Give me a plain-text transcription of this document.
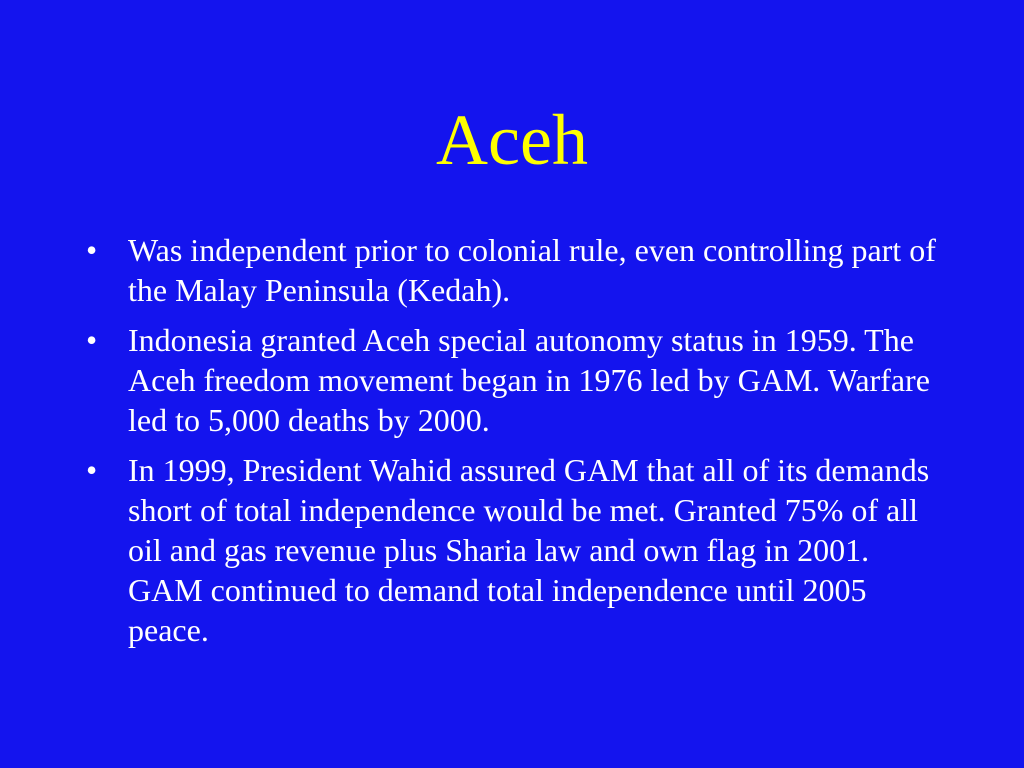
Aceh
• Was independent prior to colonial rule, even controlling part of  the Malay Peninsula (Kedah).
• Indonesia granted Aceh special autonomy status in 1959. The Aceh freedom movement began in 1976 led by GAM. Warfare led to 5,000 deaths by 2000.
• In 1999, President Wahid assured GAM that all of its demands short of total independence would be met. Granted 75% of all oil and gas revenue plus Sharia law and own flag in 2001. GAM continued to demand total independence until 2005 peace.
